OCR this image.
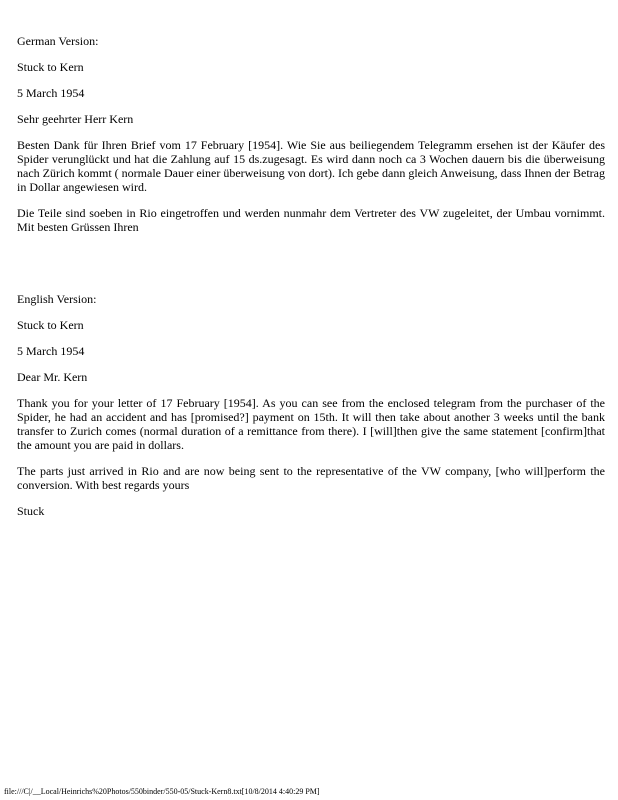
German Version:

Stuck to Kern

5 March 1954

Sehr geehrter Herr Kern

Besten Dank für Ihren Brief vom 17 February [1954]. Wie Sie aus beiliegendem Telegramm ersehen ist der Käufer des Spider verunglückt und hat die Zahlung auf 15 ds.zugesagt. Es wird dann noch ca 3 Wochen dauern bis die überweisung nach Zürich kommt ( normale Dauer einer überweisung von dort). Ich gebe dann gleich Anweisung, dass Ihnen der Betrag in Dollar angewiesen wird.

Die Teile sind soeben in Rio eingetroffen und werden nunmahr dem Vertreter des VW zugeleitet, der Umbau vornimmt. Mit besten Grüssen Ihren

English Version:

Stuck to Kern

5 March 1954

Dear Mr. Kern

Thank you for your letter of 17 February [1954]. As you can see from the enclosed telegram from the purchaser of the Spider, he had an accident and has [promised?] payment on 15th. It will then take about another 3 weeks until the bank transfer to Zurich comes (normal duration of a remittance from there). I [will]then give the same statement [confirm]that the amount you are paid in dollars.

The parts just arrived in Rio and are now being sent to the representative of the VW company, [who will]perform the conversion. With best regards yours

Stuck

file:///C|/__Local/Heinrichs%20Photos/550binder/550-05/Stuck-Kern8.txt[10/8/2014 4:40:29 PM]
